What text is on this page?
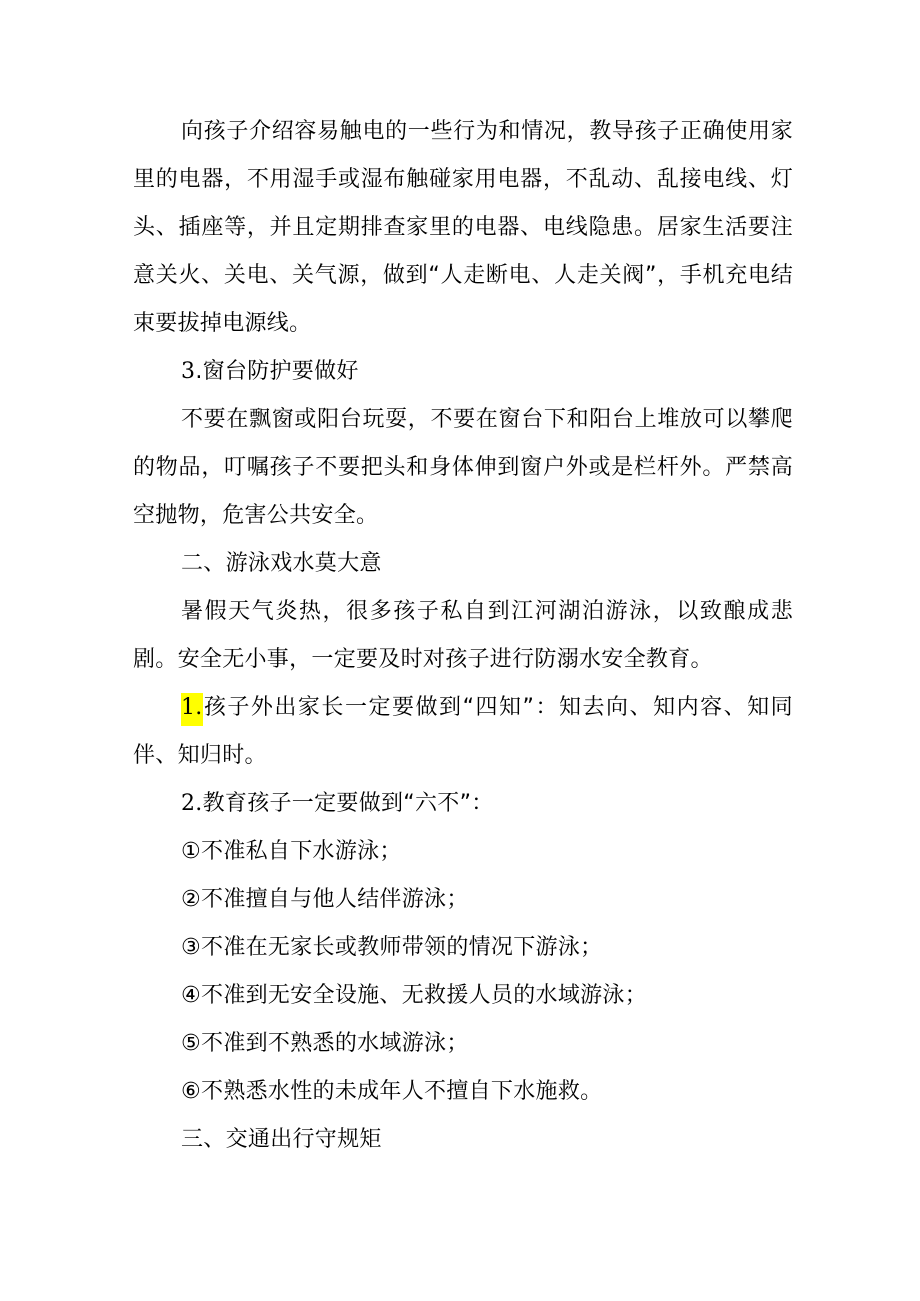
向孩子介绍容易触电的一些行为和情况，教导孩子正确使用家里的电器，不用湿手或湿布触碰家用电器，不乱动、乱接电线、灯头、插座等，并且定期排查家里的电器、电线隐患。居家生活要注意关火、关电、关气源，做到“人走断电、人走关阀”，手机充电结束要拔掉电源线。

3.窗台防护要做好

不要在飘窗或阳台玩耍，不要在窗台下和阳台上堆放可以攀爬的物品，叮嘱孩子不要把头和身体伸到窗户外或是栏杆外。严禁高空抛物，危害公共安全。

二、游泳戏水莫大意

暑假天气炎热，很多孩子私自到江河湖泊游泳，以致酿成悲剧。安全无小事，一定要及时对孩子进行防溺水安全教育。

1.孩子外出家长一定要做到“四知”：知去向、知内容、知同伴、知归时。

2.教育孩子一定要做到“六不”：

①不准私自下水游泳；

②不准擅自与他人结伴游泳；

③不准在无家长或教师带领的情况下游泳；

④不准到无安全设施、无救援人员的水域游泳；

⑤不准到不熟悉的水域游泳；

⑥不熟悉水性的未成年人不擅自下水施救。

三、交通出行守规矩
